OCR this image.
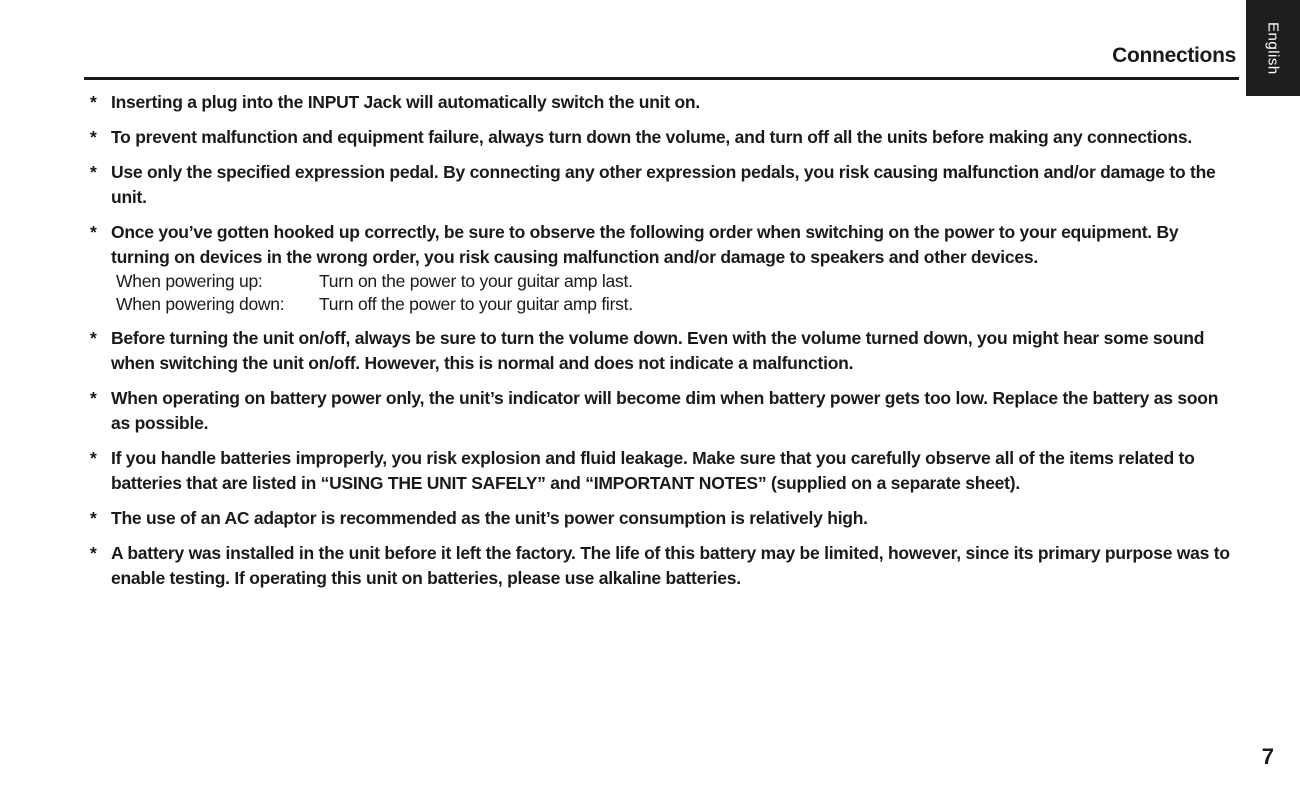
English
Connections
* Inserting a plug into the INPUT Jack will automatically switch the unit on.
* To prevent malfunction and equipment failure, always turn down the volume, and turn off all the units before making any connections.
* Use only the specified expression pedal. By connecting any other expression pedals, you risk causing malfunction and/or damage to the unit.
* Once you’ve gotten hooked up correctly, be sure to observe the following order when switching on the power to your equipment. By turning on devices in the wrong order, you risk causing malfunction and/or damage to speakers and other devices.
When powering up:	Turn on the power to your guitar amp last.
When powering down:	Turn off the power to your guitar amp first.
* Before turning the unit on/off, always be sure to turn the volume down. Even with the volume turned down, you might hear some sound when switching the unit on/off. However, this is normal and does not indicate a malfunction.
* When operating on battery power only, the unit’s indicator will become dim when battery power gets too low. Replace the battery as soon as possible.
* If you handle batteries improperly, you risk explosion and fluid leakage. Make sure that you carefully observe all of the items related to batteries that are listed in “USING THE UNIT SAFELY” and “IMPORTANT NOTES” (supplied on a separate sheet).
* The use of an AC adaptor is recommended as the unit’s power consumption is relatively high.
* A battery was installed in the unit before it left the factory. The life of this battery may be limited, however, since its primary purpose was to enable testing. If operating this unit on batteries, please use alkaline batteries.
7
